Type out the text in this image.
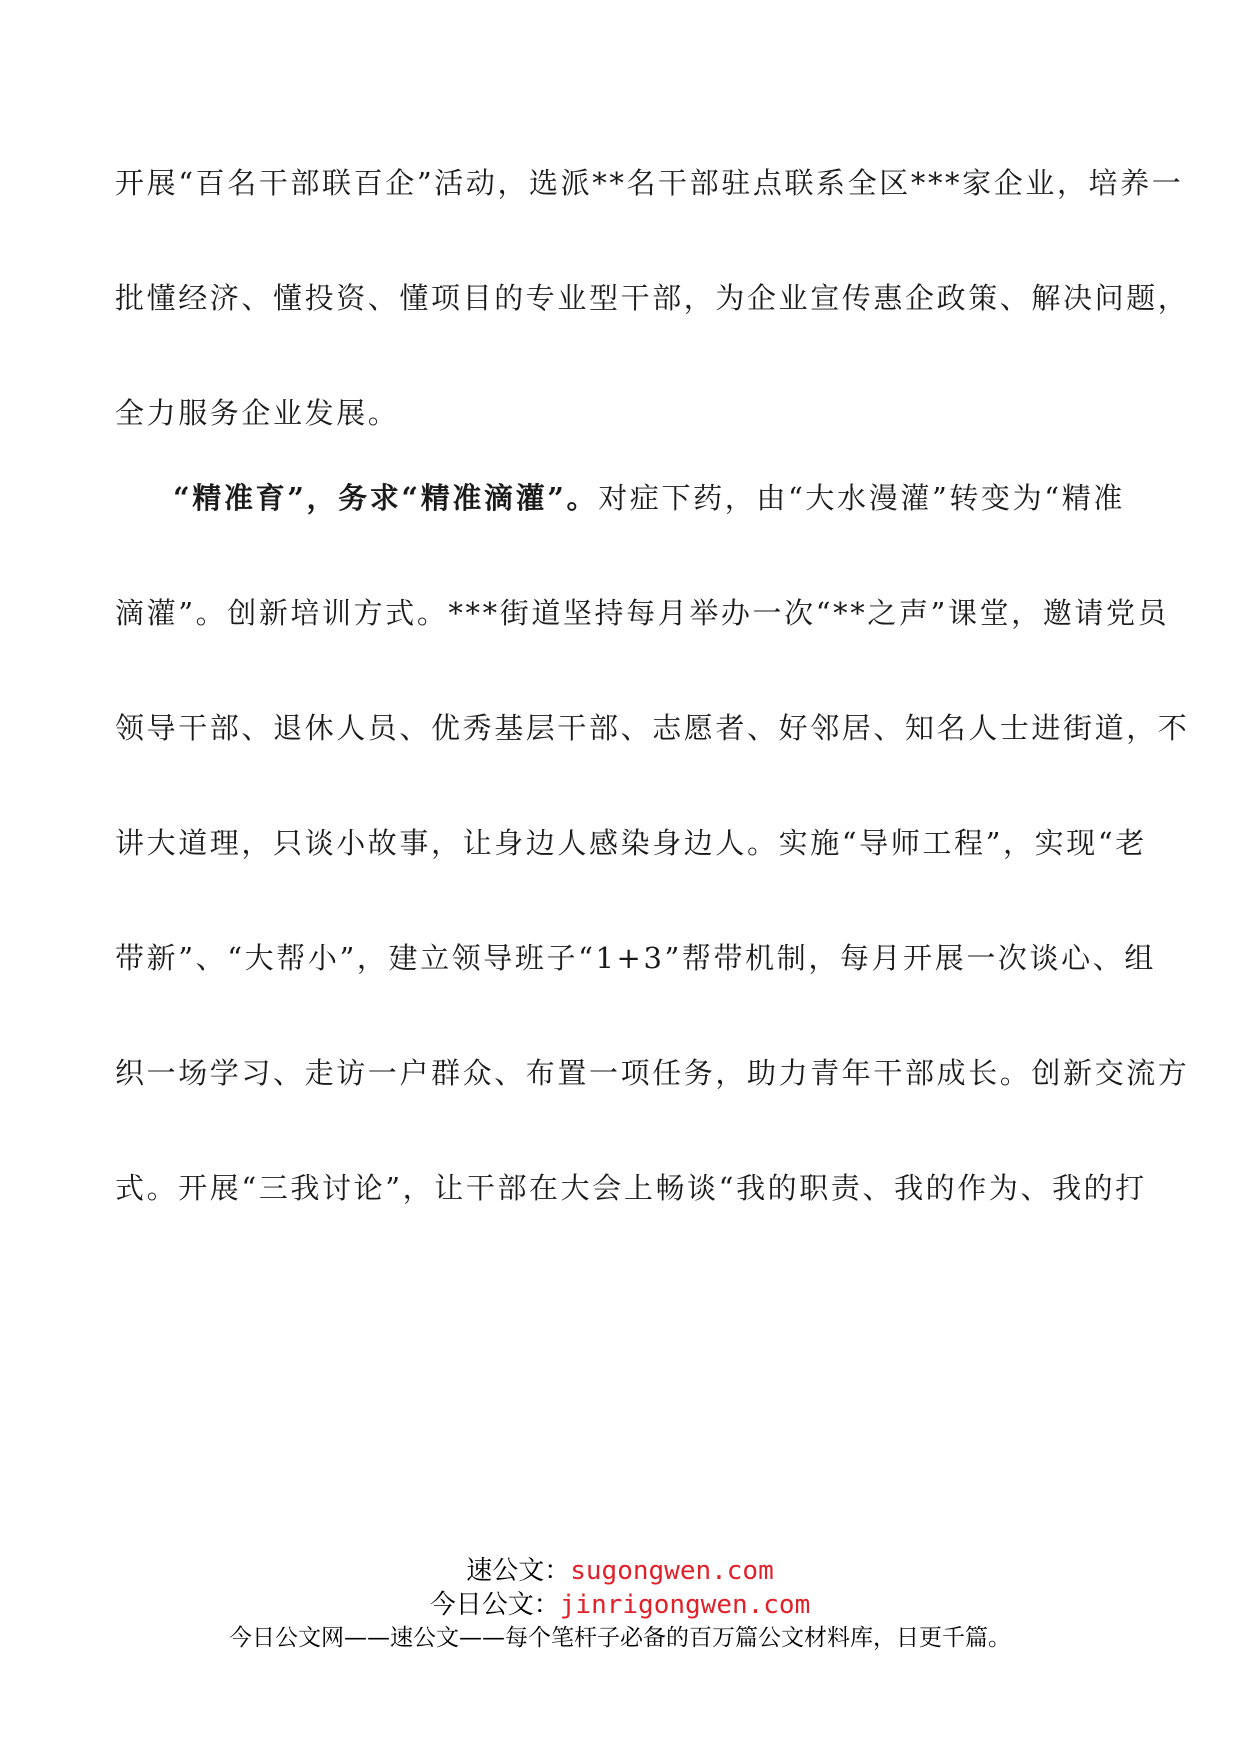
开展“百名干部联百企”活动，选派**名干部驻点联系全区***家企业，培养一
批懂经济、懂投资、懂项目的专业型干部，为企业宣传惠企政策、解决问题，
全力服务企业发展。
“精准育”，务求“精准滴灌”。对症下药，由“大水漫灌”转变为“精准
滴灌”。创新培训方式。***街道坚持每月举办一次“**之声”课堂，邀请党员
领导干部、退休人员、优秀基层干部、志愿者、好邻居、知名人士进街道，不
讲大道理，只谈小故事，让身边人感染身边人。实施“导师工程”，实现“老
带新”、“大帮小”，建立领导班子“1+3”帮带机制，每月开展一次谈心、组
织一场学习、走访一户群众、布置一项任务，助力青年干部成长。创新交流方
式。开展“三我讨论”，让干部在大会上畅谈“我的职责、我的作为、我的打
速公文：sugongwen.com
今日公文：jinrigongwen.com
今日公文网——速公文——每个笔杆子必备的百万篇公文材料库，日更千篇。
